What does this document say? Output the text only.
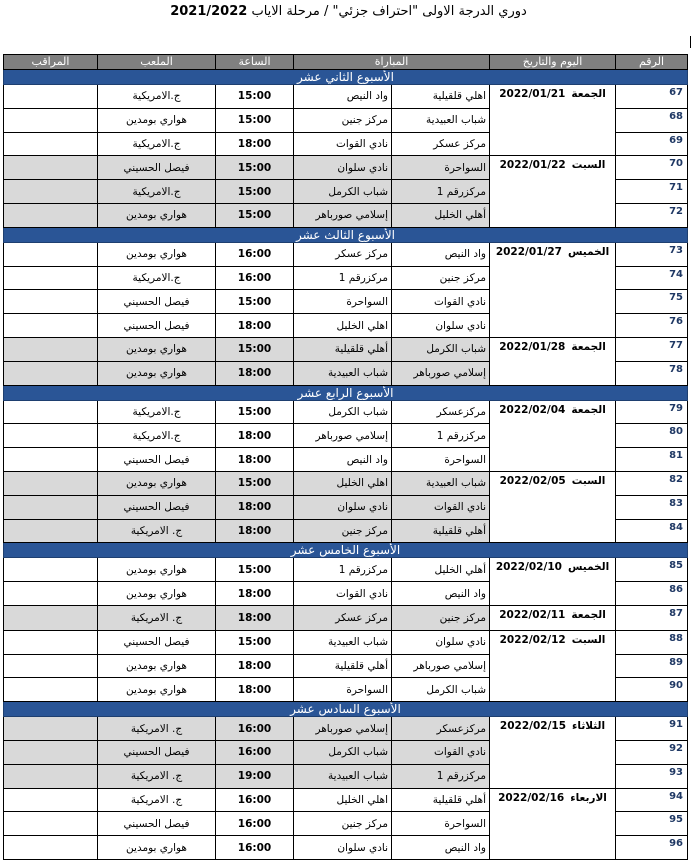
دوري الدرجة الاولى "احتراف جزئي" / مرحلة الاياب 2021/2022
الرقم	اليوم والتاريخ	المباراة		الساعة	الملعب	المراقب
الأسبوع الثاني عشر						
67	الجمعة2022/01/21	اهلي قلقيلية	واد النيص	15:00	ج.الامريكية	
68		شباب العبيدية	مركز جنين	15:00	هواري بومدين	
69		مركز عسكر	نادي القوات	18:00	ج.الامريكية	
70	السبت2022/01/22	السواحرة	نادي سلوان	15:00	فيصل الحسيني	
71		مركزرقم 1	شباب الكرمل	15:00	ج.الامريكية	
72		أهلي الخليل	إسلامي صورباهر	15:00	هواري بومدين	
الأسبوع الثالث عشر						
73	الخميس2022/01/27	واد النيص	مركز عسكر	16:00	هواري بومدين	
74		مركز جنين	مركزرقم 1	16:00	ج.الامريكية	
75		نادي القوات	السواحرة	15:00	فيصل الحسيني	
76		نادي سلوان	اهلي الخليل	18:00	فيصل الحسيني	
77	الجمعة2022/01/28	شباب الكرمل	أهلي قلقيلية	15:00	هواري بومدين	
78		إسلامي صورباهر	شباب العبيدية	18:00	هواري بومدين	
الأسبوع الرابع عشر						
79	الجمعة2022/02/04	مركزعسكر	شباب الكرمل	15:00	ج.الامريكية	
80		مركزرقم 1	إسلامي صورباهر	18:00	ج.الامريكية	
81		السواحرة	واد النيص	18:00	فيصل الحسيني	
82	السبت2022/02/05	شباب العبيدية	اهلي الخليل	15:00	هواري بومدين	
83		نادي القوات	نادي سلوان	18:00	فيصل الحسيني	
84		أهلي قلقيلية	مركز جنين	18:00	ج. الامريكية	
الأسبوع الخامس عشر						
85	الخميس2022/02/10	أهلي الخليل	مركزرقم 1	15:00	هواري بومدين	
86		واد النيص	نادي القوات	18:00	هواري بومدين	
87	الجمعة2022/02/11	مركز جنين	مركز عسكر	18:00	ج. الامريكية	
88	السبت2022/02/12	نادي سلوان	شباب العبيدية	15:00	فيصل الحسيني	
89		إسلامي صورباهر	أهلي قلقيلية	18:00	هواري بومدين	
90		شباب الكرمل	السواحرة	18:00	هواري بومدين	
الأسبوع السادس عشر						
91	الثلاثاء2022/02/15	مركزعسكر	إسلامي صورباهر	16:00	ج. الامريكية	
92		نادي القوات	شباب الكرمل	16:00	فيصل الحسيني	
93		مركزرقم 1	شباب العبيدية	19:00	ج. الامريكية	
94	الاربعاء2022/02/16	أهلي قلقيلية	اهلي الخليل	16:00	ج. الامريكية	
95		السواحرة	مركز جنين	16:00	فيصل الحسيني	
96		واد النيص	نادي سلوان	16:00	هواري بومدين	
